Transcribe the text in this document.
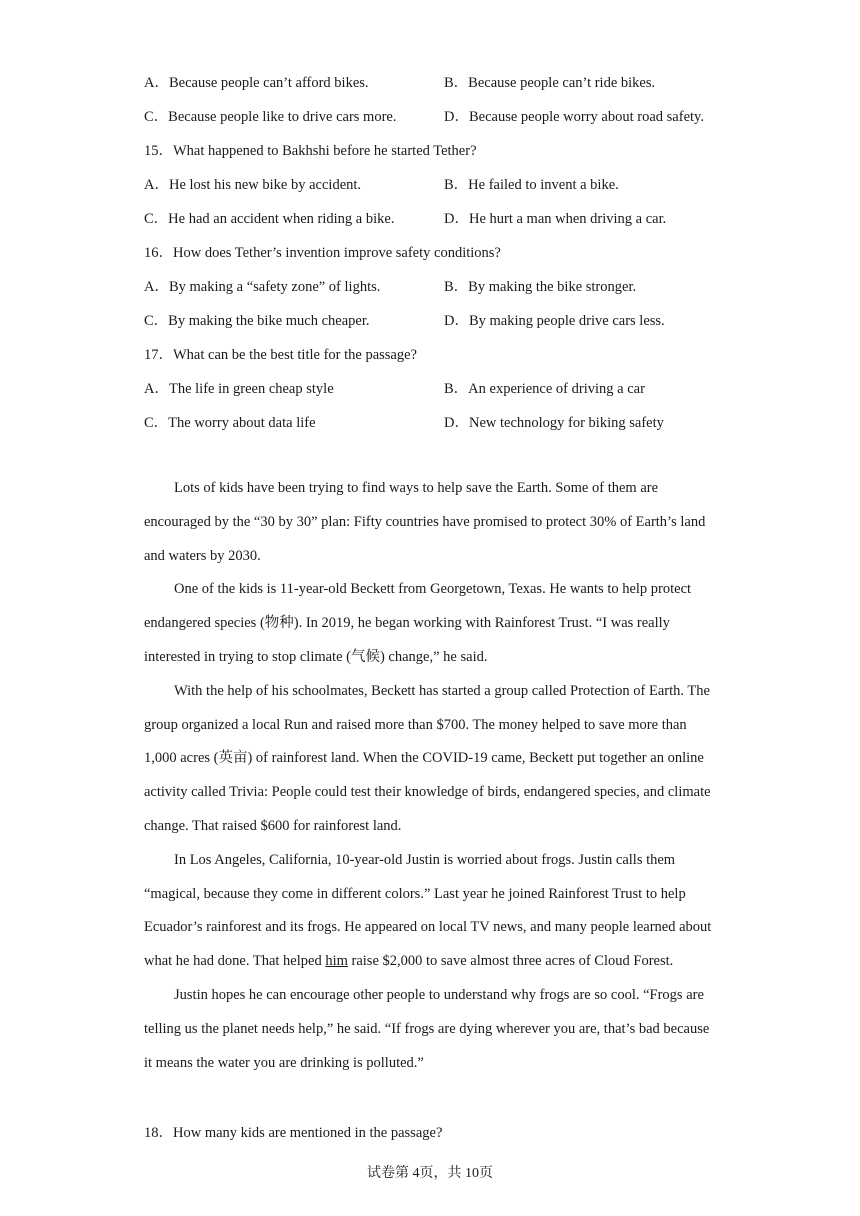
A．Because people can’t afford bikes.	B．Because people can’t ride bikes.
C．Because people like to drive cars more.	D．Because people worry about road safety.
15．What happened to Bakhshi before he started Tether?
A．He lost his new bike by accident.	B．He failed to invent a bike.
C．He had an accident when riding a bike.	D．He hurt a man when driving a car.
16．How does Tether’s invention improve safety conditions?
A．By making a “safety zone” of lights.	B．By making the bike stronger.
C．By making the bike much cheaper.	D．By making people drive cars less.
17．What can be the best title for the passage?
A．The life in green cheap style	B．An experience of driving a car
C．The worry about data life	D．New technology for biking safety

Lots of kids have been trying to find ways to help save the Earth. Some of them are encouraged by the “30 by 30” plan: Fifty countries have promised to protect 30% of Earth’s land and waters by 2030.

One of the kids is 11-year-old Beckett from Georgetown, Texas. He wants to help protect endangered species (物种). In 2019, he began working with Rainforest Trust. “I was really interested in trying to stop climate (气候) change,” he said.

With the help of his schoolmates, Beckett has started a group called Protection of Earth. The group organized a local Run and raised more than $700. The money helped to save more than 1,000 acres (英亩) of rainforest land. When the COVID-19 came, Beckett put together an online activity called Trivia: People could test their knowledge of birds, endangered species, and climate change. That raised $600 for rainforest land.

In Los Angeles, California, 10-year-old Justin is worried about frogs. Justin calls them “magical, because they come in different colors.” Last year he joined Rainforest Trust to help Ecuador’s rainforest and its frogs. He appeared on local TV news, and many people learned about what he had done. That helped him raise $2,000 to save almost three acres of Cloud Forest.

Justin hopes he can encourage other people to understand why frogs are so cool. “Frogs are telling us the planet needs help,” he said. “If frogs are dying wherever you are, that’s bad because it means the water you are drinking is polluted.”

18．How many kids are mentioned in the passage?
试卷第 4页，共 10页
